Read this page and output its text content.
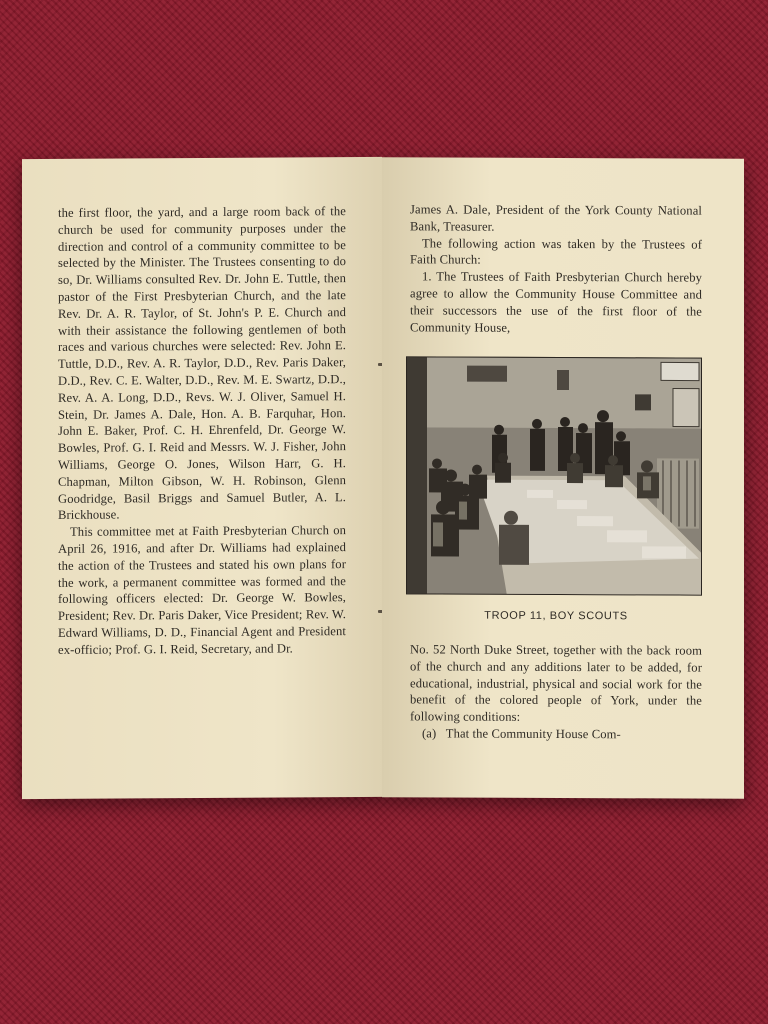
the first floor, the yard, and a large room back of the church be used for community purposes under the direction and control of a community committee to be selected by the Minister. The Trustees consenting to do so, Dr. Williams consulted Rev. Dr. John E. Tuttle, then pastor of the First Presbyterian Church, and the late Rev. Dr. A. R. Taylor, of St. John's P. E. Church and with their assistance the following gentlemen of both races and various churches were selected: Rev. John E. Tuttle, D.D., Rev. A. R. Taylor, D.D., Rev. Paris Daker, D.D., Rev. C. E. Walter, D.D., Rev. M. E. Swartz, D.D., Rev. A. A. Long, D.D., Revs. W. J. Oliver, Samuel H. Stein, Dr. James A. Dale, Hon. A. B. Farquhar, Hon. John E. Baker, Prof. C. H. Ehrenfeld, Dr. George W. Bowles, Prof. G. I. Reid and Messrs. W. J. Fisher, John Williams, George O. Jones, Wilson Harr, G. H. Chapman, Milton Gibson, W. H. Robinson, Glenn Goodridge, Basil Briggs and Samuel Butler, A. L. Brickhouse.

This committee met at Faith Presbyterian Church on April 26, 1916, and after Dr. Williams had explained the action of the Trustees and stated his own plans for the work, a permanent committee was formed and the following officers elected: Dr. George W. Bowles, President; Rev. Dr. Paris Daker, Vice President; Rev. W. Edward Williams, D. D., Financial Agent and President ex-officio; Prof. G. I. Reid, Secretary, and Dr.

James A. Dale, President of the York County National Bank, Treasurer.

The following action was taken by the Trustees of Faith Church:

1. The Trustees of Faith Presbyterian Church hereby agree to allow the Community House Committee and their successors the use of the first floor of the Community House,

TROOP 11, BOY SCOUTS

No. 52 North Duke Street, together with the back room of the church and any additions later to be added, for educational, industrial, physical and social work for the benefit of the colored people of York, under the following conditions:

(a)   That the Community House Com-
